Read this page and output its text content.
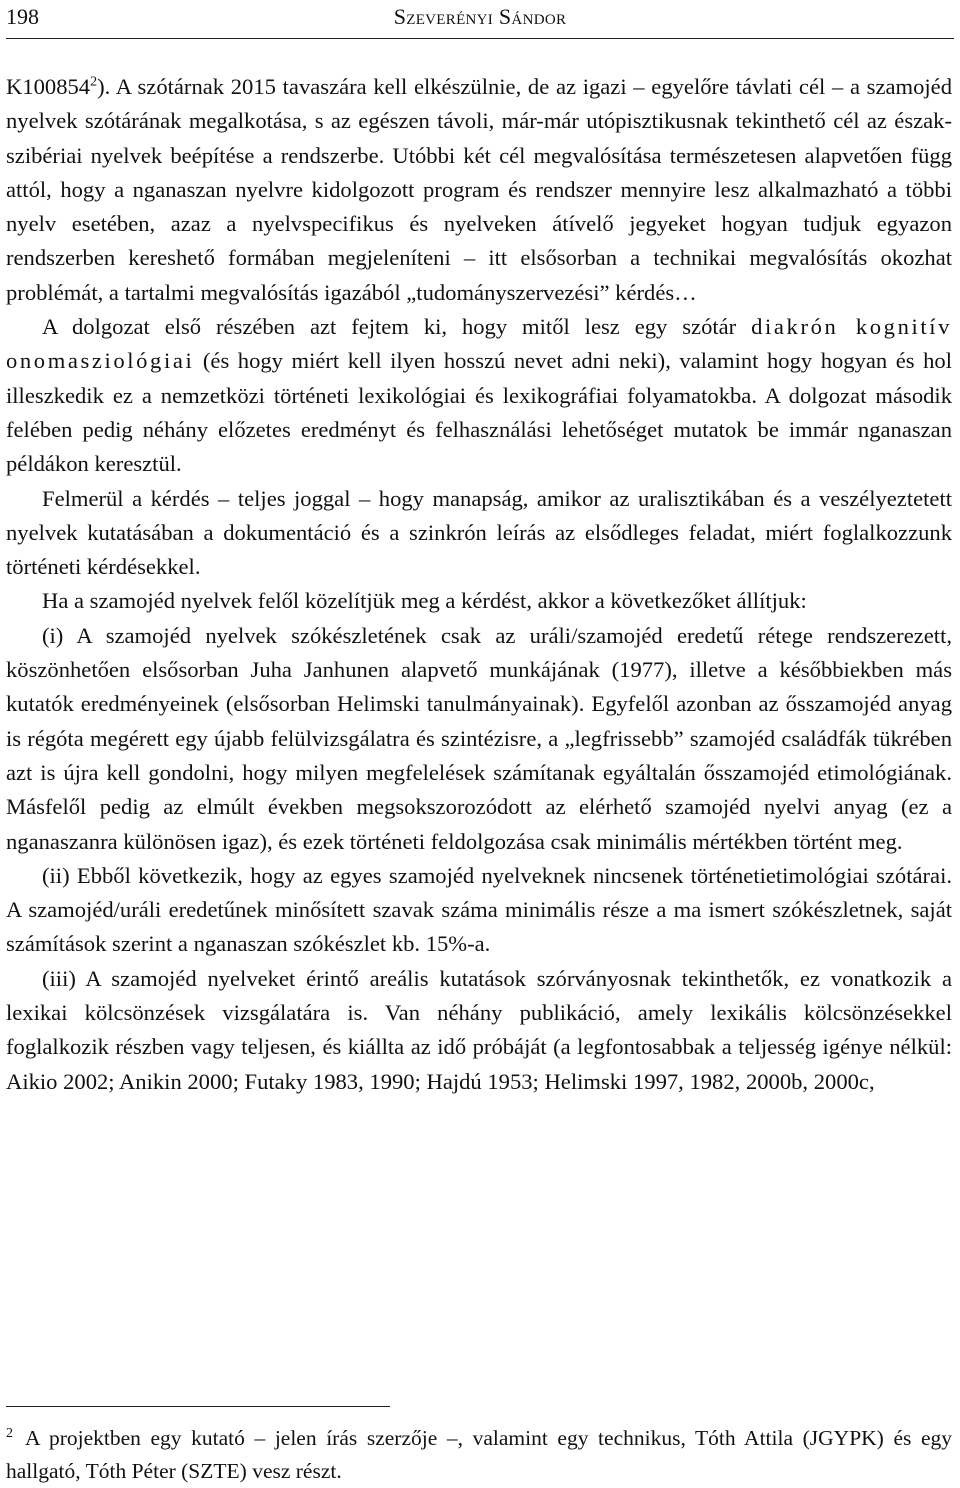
198	Szeverényi Sándor

K100854$^2$). A szótárnak 2015 tavaszára kell elkészülnie, de az igazi – egyelőre távlati cél – a szamojéd nyelvek szótárának megalkotása, s az egészen távoli, már-már utópisztikusnak tekinthető cél az észak-szibériai nyelvek beépítése a rendszerbe. Utóbbi két cél megvalósítása természetesen alapvetően függ attól, hogy a nganaszan nyelvre kidolgozott program és rendszer mennyire lesz alkalmazható a többi nyelv esetében, azaz a nyelvspecifikus és nyelveken átívelő jegyeket hogyan tudjuk egyazon rendszerben kereshető formában megjeleníteni – itt elsősorban a technikai megvalósítás okozhat problémát, a tartalmi megvalósítás igazából „tudományszervezési” kérdés…

A dolgozat első részében azt fejtem ki, hogy mitől lesz egy szótár diakrón kognitív onomasziológiai (és hogy miért kell ilyen hosszú nevet adni neki), valamint hogy hogyan és hol illeszkedik ez a nemzetközi történeti lexikológiai és lexikográfiai folyamatokba. A dolgozat második felében pedig néhány előzetes eredményt és felhasználási lehetőséget mutatok be immár nganaszan példákon keresztül.

Felmerül a kérdés – teljes joggal – hogy manapság, amikor az uralisztikában és a veszélyeztetett nyelvek kutatásában a dokumentáció és a szinkrón leírás az elsődleges feladat, miért foglalkozzunk történeti kérdésekkel.

Ha a szamojéd nyelvek felől közelítjük meg a kérdést, akkor a következőket állítjuk:

(i) A szamojéd nyelvek szókészletének csak az uráli/szamojéd eredetű rétege rendszerezett, köszönhetően elsősorban Juha Janhunen alapvető munkájának (1977), illetve a későbbiekben más kutatók eredményeinek (elsősorban Helimski tanulmányainak). Egyfelől azonban az ősszamojéd anyag is régóta megérett egy újabb felülvizsgálatra és szintézisre, a „legfrissebb” szamojéd családfák tükrében azt is újra kell gondolni, hogy milyen megfelelések számítanak egyáltalán ősszamojéd etimológiának. Másfelől pedig az elmúlt években megsokszorozódott az elérhető szamojéd nyelvi anyag (ez a nganaszanra különösen igaz), és ezek történeti feldolgozása csak minimális mértékben történt meg.

(ii) Ebből következik, hogy az egyes szamojéd nyelveknek nincsenek történetietimológiai szótárai. A szamojéd/uráli eredetűnek minősített szavak száma minimális része a ma ismert szókészletnek, saját számítások szerint a nganaszan szókészlet kb. 15%-a.

(iii) A szamojéd nyelveket érintő areális kutatások szórványosnak tekinthetők, ez vonatkozik a lexikai kölcsönzések vizsgálatára is. Van néhány publikáció, amely lexikális kölcsönzésekkel foglalkozik részben vagy teljesen, és kiállta az idő próbáját (a legfontosabbak a teljesség igénye nélkül: Aikio 2002; Anikin 2000; Futaky 1983, 1990; Hajdú 1953; Helimski 1997, 1982, 2000b, 2000c,

$^2$ A projektben egy kutató – jelen írás szerzője –, valamint egy technikus, Tóth Attila (JGYPK) és egy hallgató, Tóth Péter (SZTE) vesz részt.
